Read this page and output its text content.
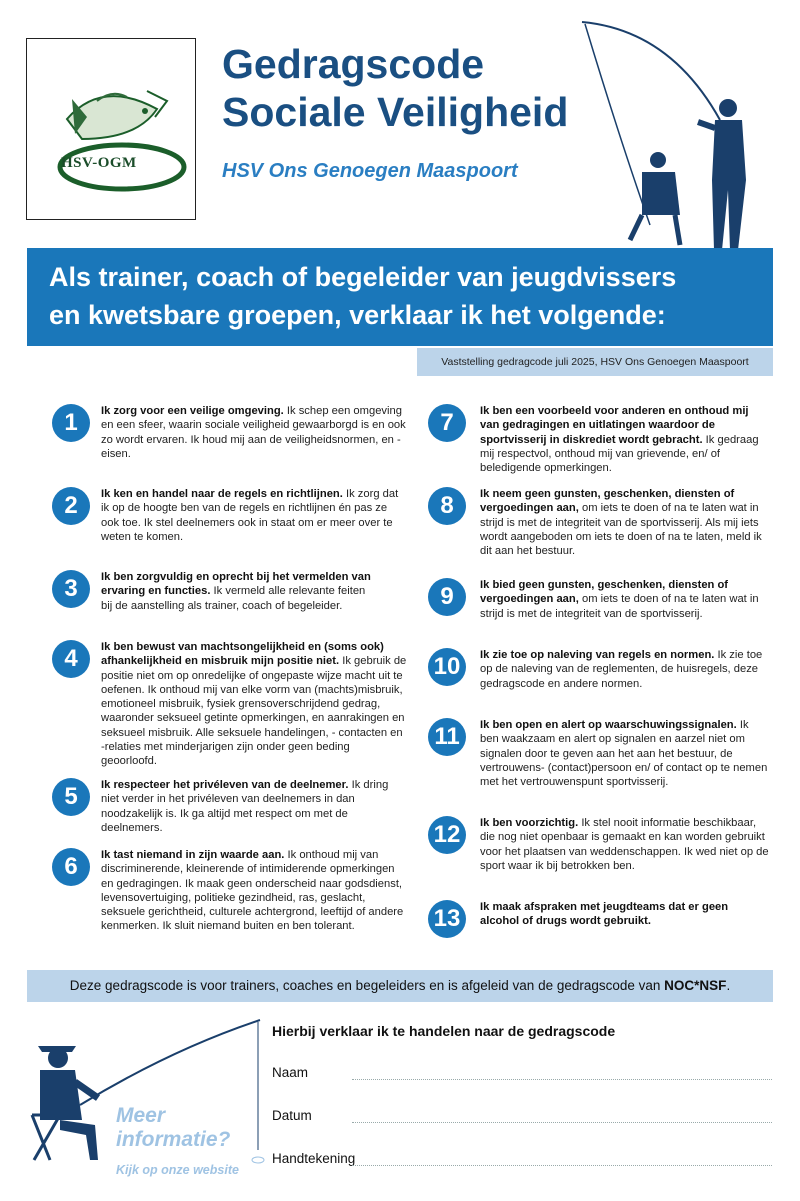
HSV-OGM
Gedragscode
Sociale Veiligheid
HSV Ons Genoegen Maaspoort
Als trainer, coach of begeleider van jeugdvissers
en kwetsbare groepen, verklaar ik het volgende:
Vaststelling gedragcode juli 2025, HSV Ons Genoegen Maaspoort
1	Ik zorg voor een veilige omgeving. Ik schep een omgeving en een sfeer, waarin sociale veiligheid gewaarborgd is en ook zo wordt ervaren. Ik houd mij aan de veiligheidsnormen, en -eisen.
2	Ik ken en handel naar de regels en richtlijnen. Ik zorg dat ik op de hoogte ben van de regels en richtlijnen én pas ze ook toe. Ik stel deelnemers ook in staat om er meer over te weten te komen.
3	Ik ben zorgvuldig en oprecht bij het vermelden van ervaring en functies. Ik vermeld alle relevante feiten bij de aanstelling als trainer, coach of begeleider.
4	Ik ben bewust van machtsongelijkheid en (soms ook) afhankelijkheid en misbruik mijn positie niet. Ik gebruik de positie niet om op onredelijke of ongepaste wijze macht uit te oefenen. Ik onthoud mij van elke vorm van (machts)misbruik, emotioneel misbruik, fysiek grensoverschrijdend gedrag, waaronder seksueel getinte opmerkingen, en aanrakingen en seksueel misbruik. Alle seksuele handelingen, - contacten en -relaties met minderjarigen zijn onder geen beding geoorloofd.
5	Ik respecteer het privéleven van de deelnemer. Ik dring niet verder in het privéleven van deelnemers in dan noodzakelijk is. Ik ga altijd met respect om met de deelnemers.
6	Ik tast niemand in zijn waarde aan. Ik onthoud mij van discriminerende, kleinerende of intimiderende opmerkingen en gedragingen. Ik maak geen onderscheid naar godsdienst, levensovertuiging, politieke gezindheid, ras, geslacht, seksuele gerichtheid, culturele achtergrond, leeftijd of andere kenmerken. Ik sluit niemand buiten en ben tolerant.
7	Ik ben een voorbeeld voor anderen en onthoud mij van gedragingen en uitlatingen waardoor de sportvisserij in diskrediet wordt gebracht. Ik gedraag mij respectvol, onthoud mij van grievende, en/ of beledigende opmerkingen.
8	Ik neem geen gunsten, geschenken, diensten of vergoedingen aan, om iets te doen of na te laten wat in strijd is met de integriteit van de sportvisserij. Als mij iets wordt aangeboden om iets te doen of na te laten, meld ik dit aan het bestuur.
9	Ik bied geen gunsten, geschenken, diensten of vergoedingen aan, om iets te doen of na te laten wat in strijd is met de integriteit van de sportvisserij.
10	Ik zie toe op naleving van regels en normen. Ik zie toe op de naleving van de reglementen, de huisregels, deze gedragscode en andere normen.
11	Ik ben open en alert op waarschuwingssignalen. Ik ben waakzaam en alert op signalen en aarzel niet om signalen door te geven aan het aan het bestuur, de vertrouwens- (contact)persoon en/ of contact op te nemen met het vertrouwenspunt sportvisserij.
12	Ik ben voorzichtig. Ik stel nooit informatie beschikbaar, die nog niet openbaar is gemaakt en kan worden gebruikt voor het plaatsen van weddenschappen. Ik wed niet op de sport waar ik bij betrokken ben.
13	Ik maak afspraken met jeugdteams dat er geen alcohol of drugs wordt gebruikt.
Deze gedragscode is voor trainers, coaches en begeleiders en is afgeleid van de gedragscode van NOC*NSF.
Hierbij verklaar ik te handelen naar de gedragscode
Naam
Datum
Handtekening
Meer
informatie?
Kijk op onze website
